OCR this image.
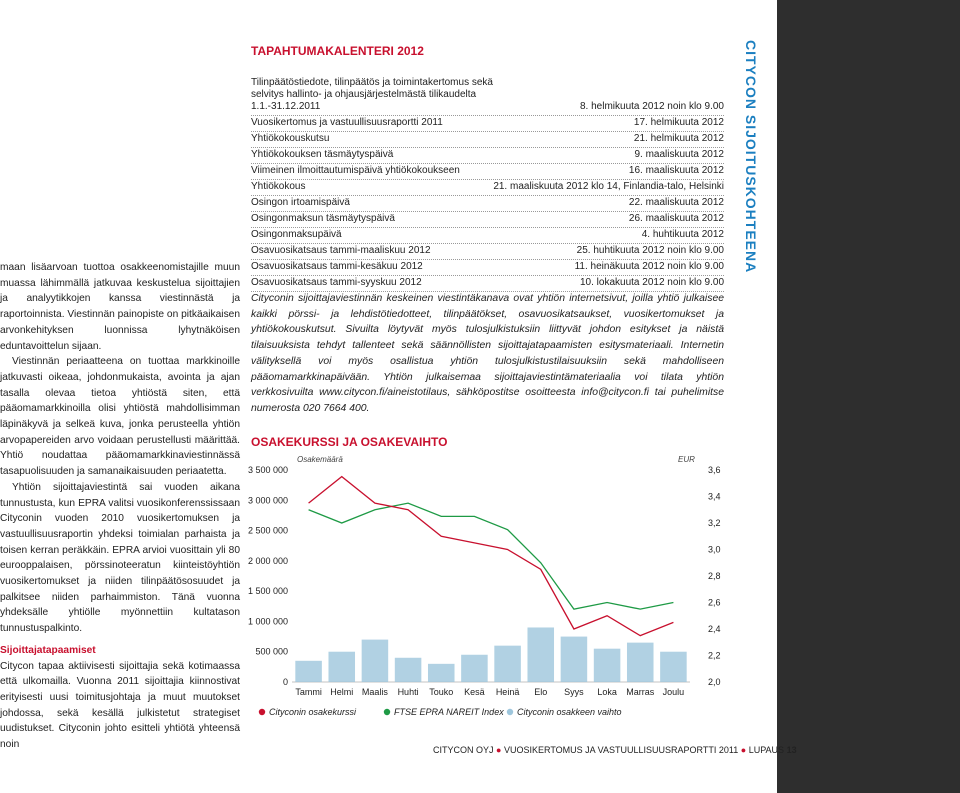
CITYCON SIJOITUSKOHTEENA

maan lisäarvoan tuottoa osakkeenomistajille muun muassa lähimmällä jatkuvaa keskustelua sijoittajien ja analyytikkojen kanssa viestinnästä ja raportoinnista. Viestinnän painopiste on pitkäaikaisen arvonkehityksen luonnissa lyhytnäköisen eduntavoittelun sijaan.

Viestinnän periaatteena on tuottaa markkinoille jatkuvasti oikeaa, johdonmukaista, avointa ja ajan tasalla olevaa tietoa yhtiöstä siten, että pääomamarkkinoilla olisi yhtiöstä mahdollisimman läpinäkyvä ja selkeä kuva, jonka perusteella yhtiön arvopapereiden arvo voidaan perustellusti määrittää. Yhtiö noudattaa pääomamarkkinaviestinnässä tasapuolisuuden ja samanaikaisuuden periaatetta.

Yhtiön sijoittajaviestintä sai vuoden aikana tunnustusta, kun EPRA valitsi vuosikonferenssissaan Cityconin vuoden 2010 vuosikertomuksen ja vastuullisuusraportin yhdeksi toimialan parhaista ja toisen kerran peräkkäin. EPRA arvioi vuosittain yli 80 eurooppalaisen, pörssinoteeratun kiinteistöyhtiön vuosikertomukset ja niiden tilinpäätösosuudet ja palkitsee niiden parhaimmiston. Tänä vuonna yhdeksälle yhtiölle myönnettiin kultatason tunnustuspalkinto.

Sijoittajatapaamiset

Citycon tapaa aktiivisesti sijoittajia sekä kotimaassa että ulkomailla. Vuonna 2011 sijoittajia kiinnostivat erityisesti uusi toimitusjohtaja ja muut muutokset johdossa, sekä kesällä julkistetut strategiset uudistukset. Cityconin johto esitteli yhtiötä yhteensä noin

TAPAHTUMAKALENTERI 2012
Tilinpäätöstiedote, tilinpäätös ja toimintakertomus sekä selvitys hallinto- ja ohjausjärjestelmästä tilikaudelta 1.1.-31.12.2011	8. helmikuuta 2012 noin klo 9.00
Vuosikertomus ja vastuullisuusraportti 2011	17. helmikuuta 2012
Yhtiökokouskutsu	21. helmikuuta 2012
Yhtiökokouksen täsmäytyspäivä	9. maaliskuuta 2012
Viimeinen ilmoittautumispäivä yhtiökokoukseen	16. maaliskuuta 2012
Yhtiökokous	21. maaliskuuta 2012 klo 14, Finlandia-talo, Helsinki
Osingon irtoamispäivä	22. maaliskuuta 2012
Osingonmaksun täsmäytyspäivä	26. maaliskuuta 2012
Osingonmaksupäivä	4. huhtikuuta 2012
Osavuosikatsaus tammi-maaliskuu 2012	25. huhtikuuta 2012 noin klo 9.00
Osavuosikatsaus tammi-kesäkuu 2012	11. heinäkuuta 2012 noin klo 9.00
Osavuosikatsaus tammi-syyskuu 2012	10. lokakuuta 2012 noin klo 9.00
Cityconin sijoittajaviestinnän keskeinen viestintäkanava ovat yhtiön internetsivut, joilla yhtiö julkaisee kaikki pörssi- ja lehdistötiedotteet, tilinpäätökset, osavuosikatsaukset, vuosikertomukset ja yhtiökokouskutsut. Sivuilta löytyvät myös tulosjulkistuksiin liittyvät johdon esitykset ja näistä tilaisuuksista tehdyt tallenteet sekä säännöllisten sijoittajatapaamisten esitysmateriaali. Internetin välityksellä voi myös osallistua yhtiön tulosjulkistustilaisuuksiin sekä mahdolliseen pääomamarkkinapäivään. Yhtiön julkaisemaa sijoittajaviestintämateriaalia voi tilata yhtiön verkkosivuilta www.citycon.fi/aineistotilaus, sähköpostitse osoitteesta info@citycon.fi tai puhelimitse numerosta 020 7664 400.
OSAKEKURSSI JA OSAKEVAIHTO
Osakemäärä	EUR
3 500 000
3 000 000
2 500 000
2 000 000
1 500 000
1 000 000
500 000
0
3,6
3,4
3,2
3,0
2,8
2,6
2,4
2,2
2,0
Tammi Helmi Maalis Huhti Touko Kesä Heinä Elo Syys Loka Marras Joulu
Cityconin osakekurssi	FTSE EPRA NAREIT Index Cityconin osakkeen vaihto
CITYCON OYJ ● VUOSIKERTOMUS JA VASTUULLISUUSRAPORTTI 2011 ● LUPAUS 13
